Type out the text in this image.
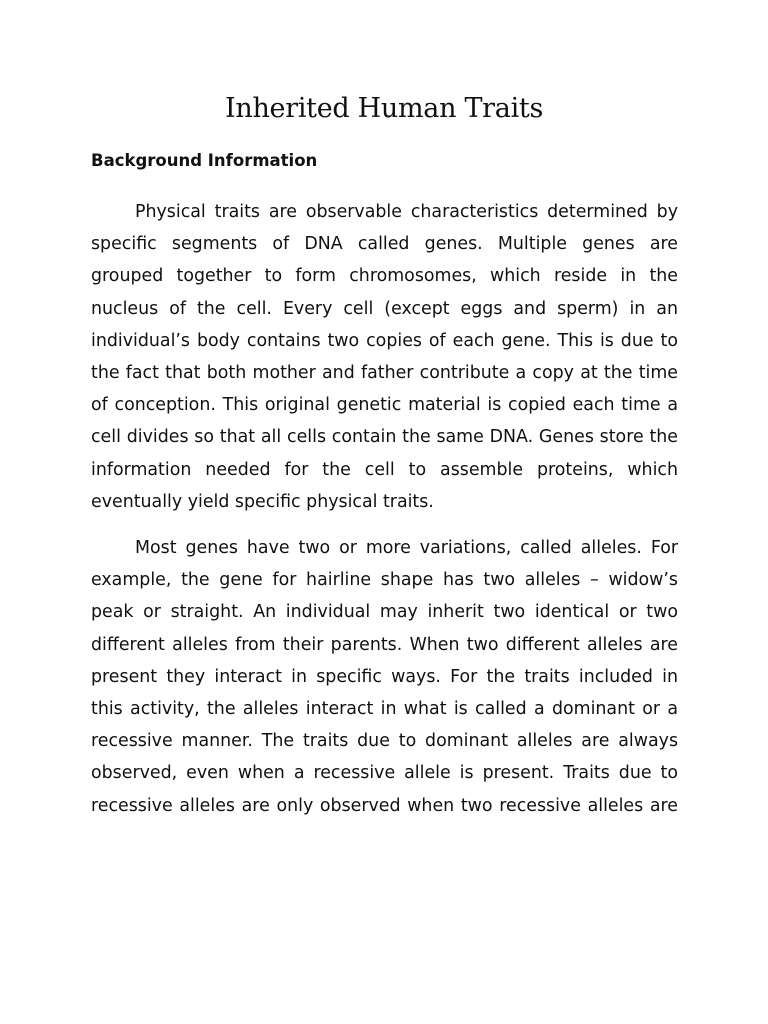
Inherited Human Traits
Background Information

Physical traits are observable characteristics determined by specific segments of DNA called genes. Multiple genes are grouped together to form chromosomes, which reside in the nucleus of the cell. Every cell (except eggs and sperm) in an individual’s body contains two copies of each gene. This is due to the fact that both mother and father contribute a copy at the time of conception. This original genetic material is copied each time a cell divides so that all cells contain the same DNA. Genes store the information needed for the cell to assemble proteins, which eventually yield specific physical traits.

Most genes have two or more variations, called alleles. For example, the gene for hairline shape has two alleles – widow’s peak or straight. An individual may inherit two identical or two different alleles from their parents. When two different alleles are present they interact in specific ways. For the traits included in this activity, the alleles interact in what is called a dominant or a recessive manner. The traits due to dominant alleles are always observed, even when a recessive allele is present. Traits due to recessive alleles are only observed when two recessive alleles are
